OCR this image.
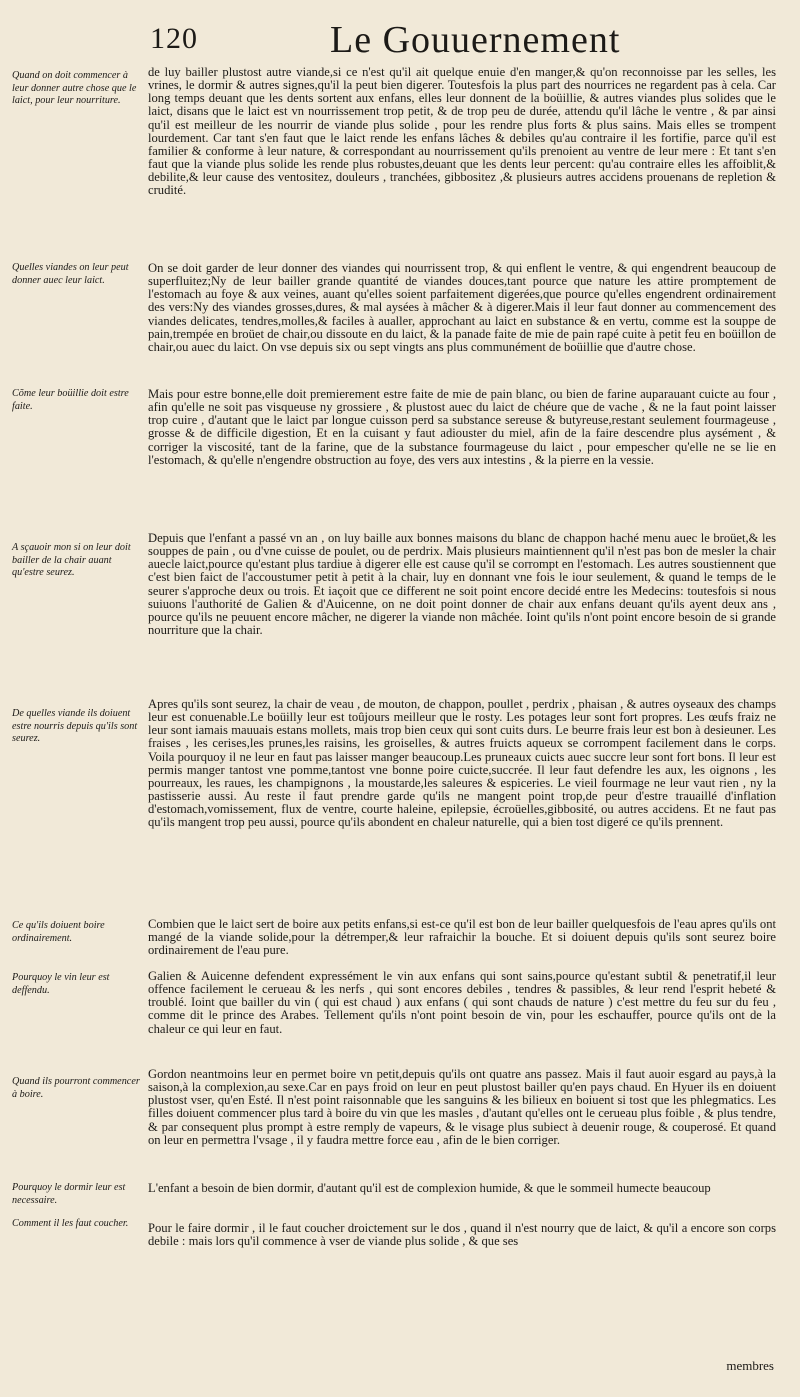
120	Le Gouuernement
Quand on doit commencer à leur donner autre chose que le laict, pour leur nourriture.
Quelles viandes on leur peut donner auec leur laict.
Cõme leur boüillie doit estre faite.
A sçauoir mon si on leur doit bailler de la chair auant qu'estre seurez.
De quelles viande ils doiuent estre nourris depuis qu'ils sont seurez.
Ce qu'ils doiuent boire ordinairement.
Pourquoy le vin leur est deffendu.
Quand ils pourront commencer à boire.
Pourquoy le dormir leur est necessaire.
Comment il les faut coucher.

de luy bailler plustost autre viande,si ce n'est qu'il ait quelque enuie d'en manger,& qu'on reconnoisse par les selles, les vrines, le dormir & autres signes,qu'il la peut bien digerer. Toutesfois la plus part des nourrices ne regardent pas à cela. Car long temps deuant que les dents sortent aux enfans, elles leur donnent de la boüillie, & autres viandes plus solides que le laict, disans que le laict est vn nourrissement trop petit, & de trop peu de durée, attendu qu'il lâche le ventre , & par ainsi qu'il est meilleur de les nourrir de viande plus solide , pour les rendre plus forts & plus sains. Mais elles se trompent lourdement. Car tant s'en faut que le laict rende les enfans lâches & debiles qu'au contraire il les fortifie, parce qu'il est familier & conforme à leur nature, & correspondant au nourrissement qu'ils prenoient au ventre de leur mere : Et tant s'en faut que la viande plus solide les rende plus robustes,deuant que les dents leur percent: qu'au contraire elles les affoiblit,& debilite,& leur cause des ventositez, douleurs , tranchées, gibbositez ,& plusieurs autres accidens prouenans de repletion & crudité.

On se doit garder de leur donner des viandes qui nourrissent trop, & qui enflent le ventre, & qui engendrent beaucoup de superfluitez;Ny de leur bailler grande quantité de viandes douces,tant pource que nature les attire promptement de l'estomach au foye & aux veines, auant qu'elles soient parfaitement digerées,que pource qu'elles engendrent ordinairement des vers:Ny des viandes grosses,dures, & mal aysées à mâcher & à digerer.Mais il leur faut donner au commencement des viandes delicates, tendres,molles,& faciles à aualler, approchant au laict en substance & en vertu, comme est la souppe de pain,trempée en broüet de chair,ou dissoute en du laict, & la panade faite de mie de pain rapé cuite à petit feu en boüillon de chair,ou auec du laict. On vse depuis six ou sept vingts ans plus communément de boüillie que d'autre chose.

Mais pour estre bonne,elle doit premierement estre faite de mie de pain blanc, ou bien de farine auparauant cuicte au four , afin qu'elle ne soit pas visqueuse ny grossiere , & plustost auec du laict de chéure que de vache , & ne la faut point laisser trop cuire , d'autant que le laict par longue cuisson perd sa substance sereuse & butyreuse,restant seulement fourmageuse , grosse & de difficile digestion, Et en la cuisant y faut adiouster du miel, afin de la faire descendre plus aysément , & corriger la viscosité, tant de la farine, que de la substance fourmageuse du laict , pour empescher qu'elle ne se lie en l'estomach, & qu'elle n'engendre obstruction au foye, des vers aux intestins , & la pierre en la vessie.

Depuis que l'enfant a passé vn an , on luy baille aux bonnes maisons du blanc de chappon haché menu auec le broüet,& les souppes de pain , ou d'vne cuisse de poulet, ou de perdrix. Mais plusieurs maintiennent qu'il n'est pas bon de mesler la chair auecle laict,pource qu'estant plus tardiue à digerer elle est cause qu'il se corrompt en l'estomach. Les autres soustiennent que c'est bien faict de l'accoustumer petit à petit à la chair, luy en donnant vne fois le iour seulement, & quand le temps de le seurer s'approche deux ou trois. Et iaçoit que ce different ne soit point encore decidé entre les Medecins: toutesfois si nous suiuons l'authorité de Galien & d'Auicenne, on ne doit point donner de chair aux enfans deuant qu'ils ayent deux ans , pource qu'ils ne peuuent encore mâcher, ne digerer la viande non mâchée. Ioint qu'ils n'ont point encore besoin de si grande nourriture que la chair.

Apres qu'ils sont seurez, la chair de veau , de mouton, de chappon, poullet , perdrix , phaisan , & autres oyseaux des champs leur est conuenable.Le boüilly leur est toûjours meilleur que le rosty. Les potages leur sont fort propres. Les œufs fraiz ne leur sont iamais mauuais estans mollets, mais trop bien ceux qui sont cuits durs. Le beurre frais leur est bon à desieuner. Les fraises , les cerises,les prunes,les raisins, les groiselles, & autres fruicts aqueux se corrompent facilement dans le corps. Voila pourquoy il ne leur en faut pas laisser manger beaucoup.Les pruneaux cuicts auec succre leur sont fort bons. Il leur est permis manger tantost vne pomme,tantost vne bonne poire cuicte,succrée. Il leur faut defendre les aux, les oignons , les pourreaux, les raues, les champignons , la moustarde,les saleures & espiceries. Le vieil fourmage ne leur vaut rien , ny la pastisserie aussi. Au reste il faut prendre garde qu'ils ne mangent point trop,de peur d'estre trauaillé d'inflation d'estomach,vomissement, flux de ventre, courte haleine, epilepsie, écroüelles,gibbosité, ou autres accidens. Et ne faut pas qu'ils mangent trop peu aussi, pource qu'ils abondent en chaleur naturelle, qui a bien tost digeré ce qu'ils prennent.

Combien que le laict sert de boire aux petits enfans,si est-ce qu'il est bon de leur bailler quelquesfois de l'eau apres qu'ils ont mangé de la viande solide,pour la détremper,& leur rafraichir la bouche. Et si doiuent depuis qu'ils sont seurez boire ordinairement de l'eau pure.

Galien & Auicenne defendent expressément le vin aux enfans qui sont sains,pource qu'estant subtil & penetratif,il leur offence facilement le cerueau & les nerfs , qui sont encores debiles , tendres & passibles, & leur rend l'esprit hebeté & troublé. Ioint que bailler du vin ( qui est chaud ) aux enfans ( qui sont chauds de nature ) c'est mettre du feu sur du feu , comme dit le prince des Arabes. Tellement qu'ils n'ont point besoin de vin, pour les eschauffer, pource qu'ils ont de la chaleur ce qui leur en faut.

Gordon neantmoins leur en permet boire vn petit,depuis qu'ils ont quatre ans passez. Mais il faut auoir esgard au pays,à la saison,à la complexion,au sexe.Car en pays froid on leur en peut plustost bailler qu'en pays chaud. En Hyuer ils en doiuent plustost vser, qu'en Esté. Il n'est point raisonnable que les sanguins & les bilieux en boiuent si tost que les phlegmatics. Les filles doiuent commencer plus tard à boire du vin que les masles , d'autant qu'elles ont le cerueau plus foible , & plus tendre, & par consequent plus prompt à estre remply de vapeurs, & le visage plus subiect à deuenir rouge, & couperosé. Et quand on leur en permettra l'vsage , il y faudra mettre force eau , afin de le bien corriger.

L'enfant a besoin de bien dormir, d'autant qu'il est de complexion humide, & que le sommeil humecte beaucoup

Pour le faire dormir , il le faut coucher droictement sur le dos , quand il n'est nourry que de laict, & qu'il a encore son corps debile : mais lors qu'il commence à vser de viande plus solide , & que ses

membres
